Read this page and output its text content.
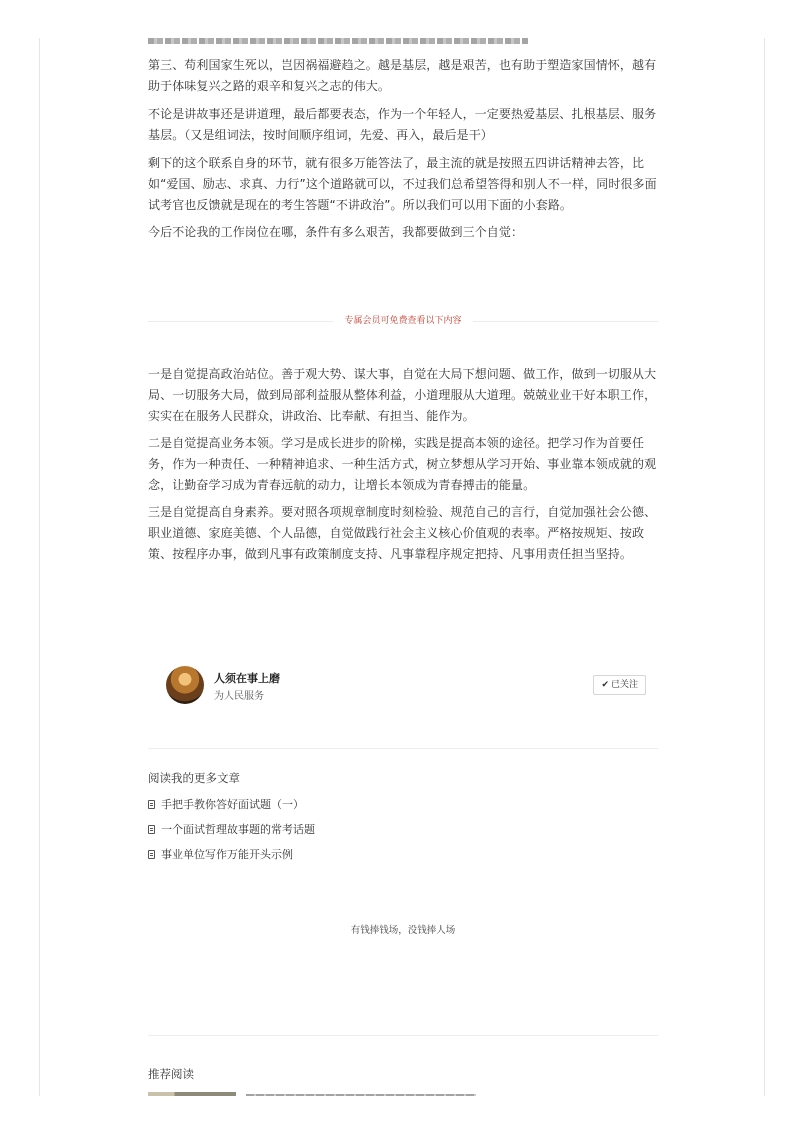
第三、苟利国家生死以，岂因祸福避趋之。越是基层，越是艰苦，也有助于塑造家国情怀，越有助于体味复兴之路的艰辛和复兴之志的伟大。

不论是讲故事还是讲道理，最后都要表态，作为一个年轻人，一定要热爱基层、扎根基层、服务基层。（又是组词法，按时间顺序组词，先爱、再入，最后是干）

剩下的这个联系自身的环节，就有很多万能答法了，最主流的就是按照五四讲话精神去答，比如“爱国、励志、求真、力行”这个道路就可以，不过我们总希望答得和别人不一样，同时很多面试考官也反馈就是现在的考生答题“不讲政治”。所以我们可以用下面的小套路。

今后不论我的工作岗位在哪，条件有多么艰苦，我都要做到三个自觉：

专属会员可免费查看以下内容

一是自觉提高政治站位。善于观大势、谋大事，自觉在大局下想问题、做工作，做到一切服从大局、一切服务大局，做到局部利益服从整体利益，小道理服从大道理。兢兢业业干好本职工作，实实在在服务人民群众，讲政治、比奉献、有担当、能作为。

二是自觉提高业务本领。学习是成长进步的阶梯，实践是提高本领的途径。把学习作为首要任务，作为一种责任、一种精神追求、一种生活方式，树立梦想从学习开始、事业靠本领成就的观念，让勤奋学习成为青春远航的动力，让增长本领成为青春搏击的能量。

三是自觉提高自身素养。要对照各项规章制度时刻检验、规范自己的言行，自觉加强社会公德、职业道德、家庭美德、个人品德，自觉做践行社会主义核心价值观的表率。严格按规矩、按政策、按程序办事，做到凡事有政策制度支持、凡事靠程序规定把持、凡事用责任担当坚持。

人须在事上磨
为人民服务
✔ 已关注
阅读我的更多文章
手把手教你答好面试题（一）
一个面试哲理故事题的常考话题
事业单位写作万能开头示例
有钱捧钱场，没钱捧人场
推荐阅读
